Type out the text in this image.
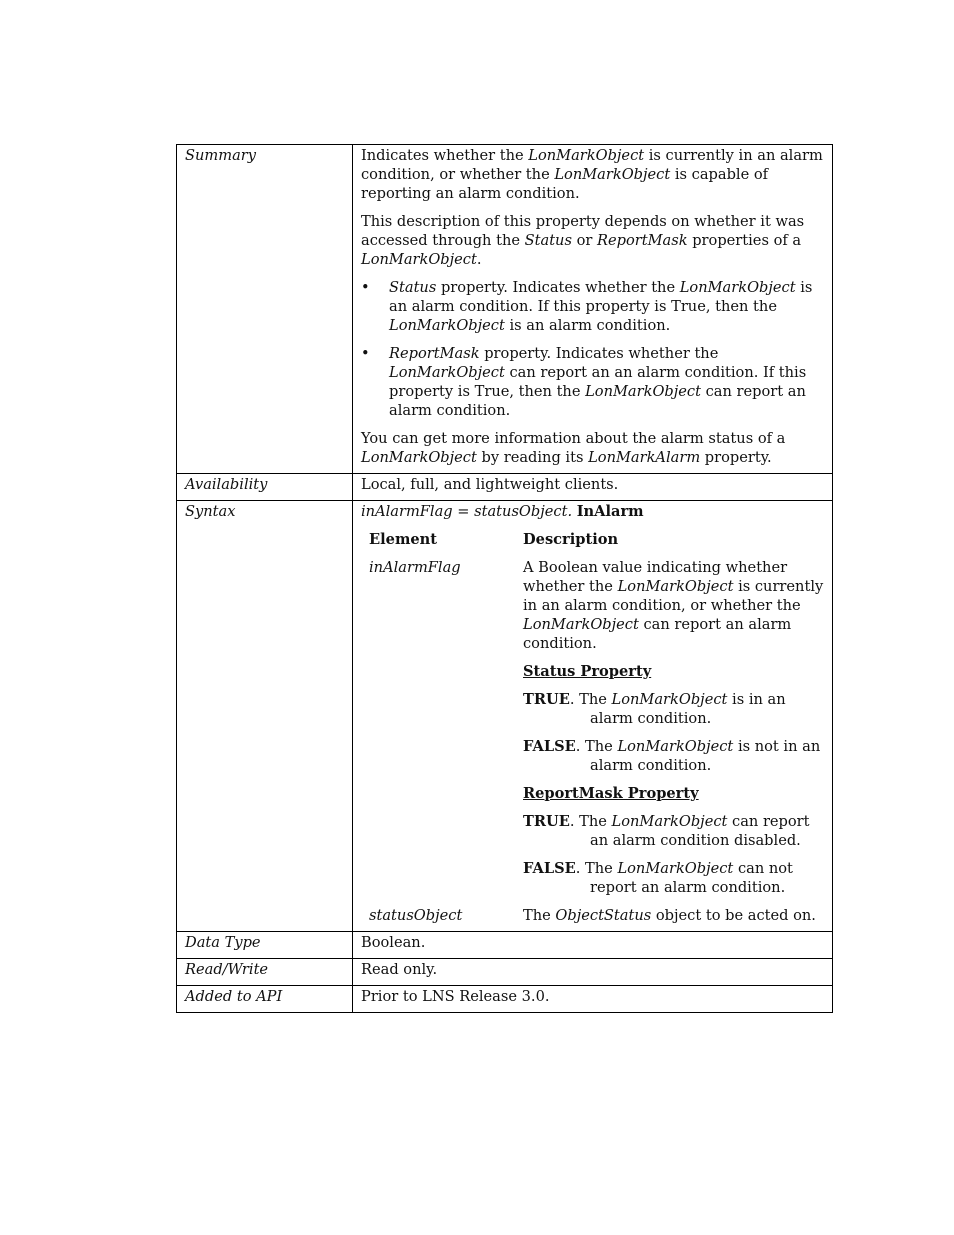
Summary	Indicates whether the LonMarkObject is currently in an alarm condition, or whether the LonMarkObject is capable of reporting an alarm condition.

This description of this property depends on whether it was accessed through the Status or ReportMask properties of a LonMarkObject.

• Status property. Indicates whether the LonMarkObject is an alarm condition. If this property is True, then the LonMarkObject is an alarm condition.
• ReportMask property. Indicates whether the LonMarkObject can report an an alarm condition. If this property is True, then the LonMarkObject can report an alarm condition.

You can get more information about the alarm status of a LonMarkObject by reading its LonMarkAlarm property.

Availability	Local, full, and lightweight clients.
Syntax	inAlarmFlag = statusObject. InAlarm
Element	Description
inAlarmFlag	A Boolean value indicating whether whether the LonMarkObject is currently in an alarm condition, or whether the LonMarkObject can report an alarm condition.
Status Property
TRUE. The LonMarkObject is in an alarm condition.
FALSE. The LonMarkObject is not in an alarm condition.
ReportMask Property
TRUE. The LonMarkObject can report an alarm condition disabled.
FALSE. The LonMarkObject can not report an alarm condition.

statusObject	The ObjectStatus object to be acted on.

Data Type	Boolean.
Read/Write	Read only.
Added to API	Prior to LNS Release 3.0.
